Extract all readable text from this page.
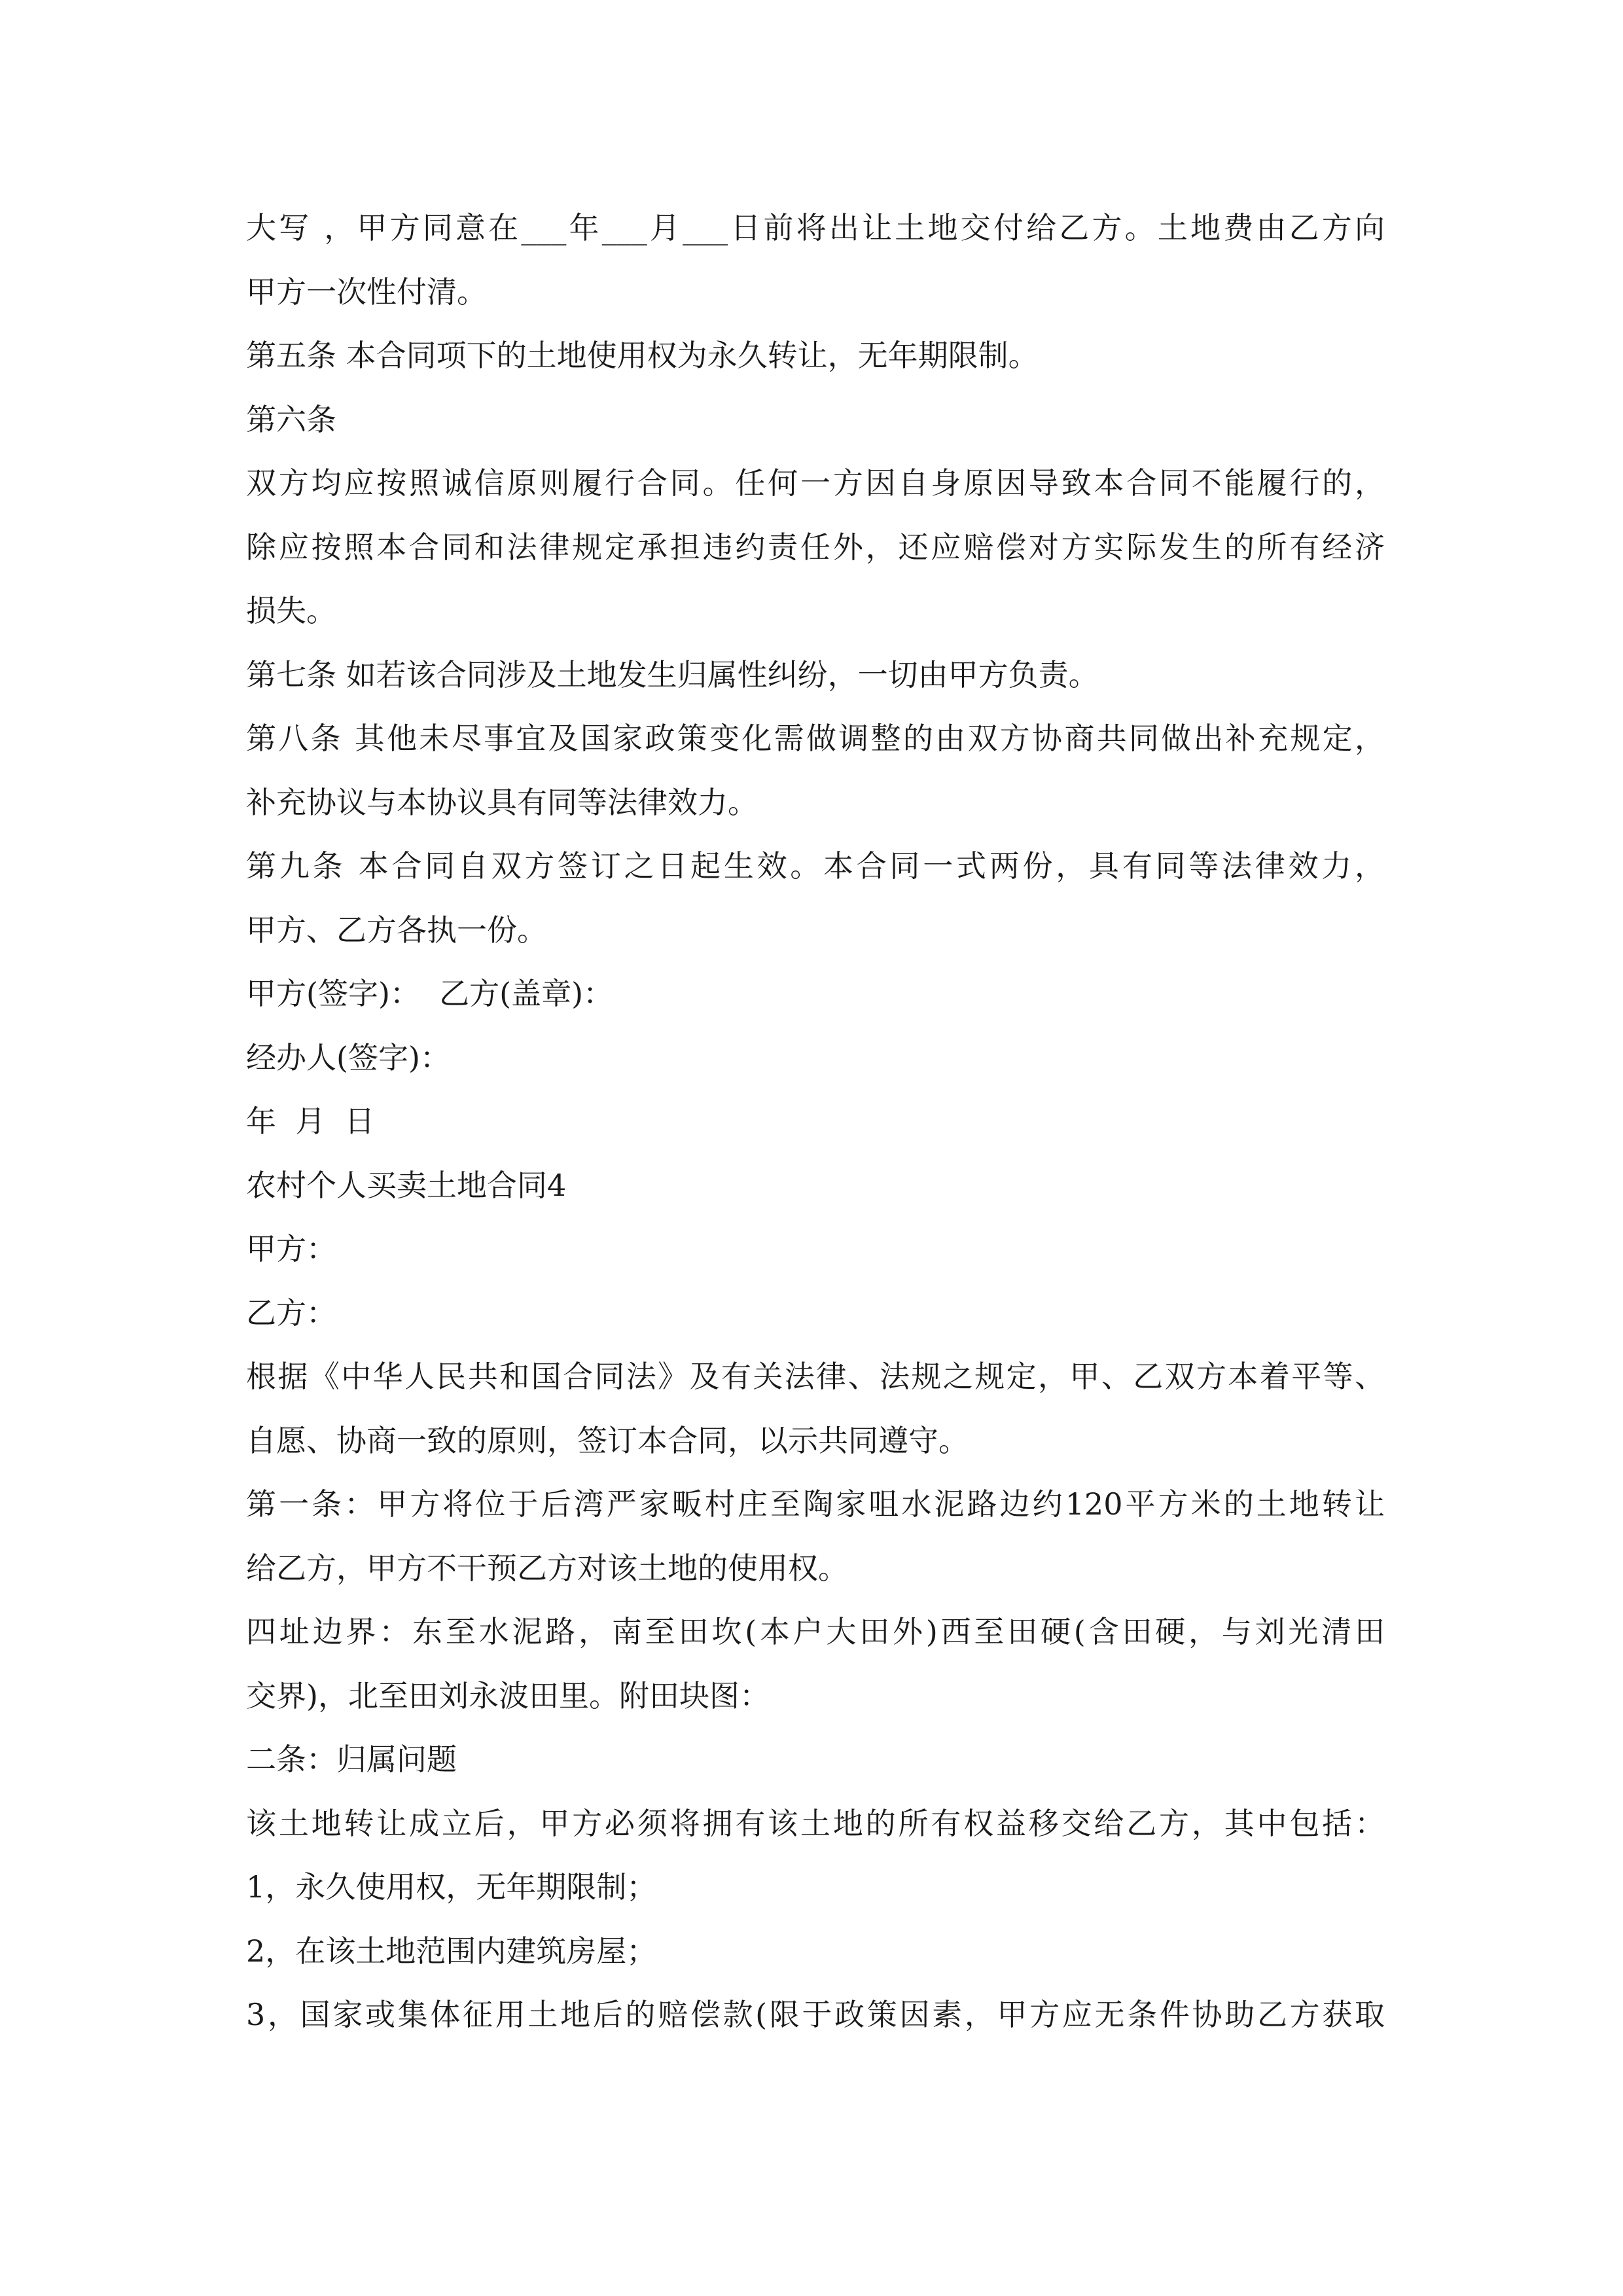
大写 ，甲方同意在___年___月___日前将出让土地交付给乙方。土地费由乙方向
甲方一次性付清。
第五条 本合同项下的土地使用权为永久转让，无年期限制。
第六条
双方均应按照诚信原则履行合同。任何一方因自身原因导致本合同不能履行的，
除应按照本合同和法律规定承担违约责任外，还应赔偿对方实际发生的所有经济
损失。
第七条 如若该合同涉及土地发生归属性纠纷，一切由甲方负责。
第八条 其他未尽事宜及国家政策变化需做调整的由双方协商共同做出补充规定，
补充协议与本协议具有同等法律效力。
第九条 本合同自双方签订之日起生效。本合同一式两份，具有同等法律效力，
甲方、乙方各执一份。
甲方(签字)：  乙方(盖章)：
经办人(签字)：
年  月  日
农村个人买卖土地合同4
甲方：
乙方：
根据《中华人民共和国合同法》及有关法律、法规之规定，甲、乙双方本着平等、
自愿、协商一致的原则，签订本合同，以示共同遵守。
第一条：甲方将位于后湾严家畈村庄至陶家咀水泥路边约120平方米的土地转让
给乙方，甲方不干预乙方对该土地的使用权。
四址边界：东至水泥路，南至田坎(本户大田外)西至田硬(含田硬，与刘光清田
交界)，北至田刘永波田里。附田块图：
二条：归属问题
该土地转让成立后，甲方必须将拥有该土地的所有权益移交给乙方，其中包括：
1，永久使用权，无年期限制；
2，在该土地范围内建筑房屋；
3，国家或集体征用土地后的赔偿款(限于政策因素，甲方应无条件协助乙方获取
